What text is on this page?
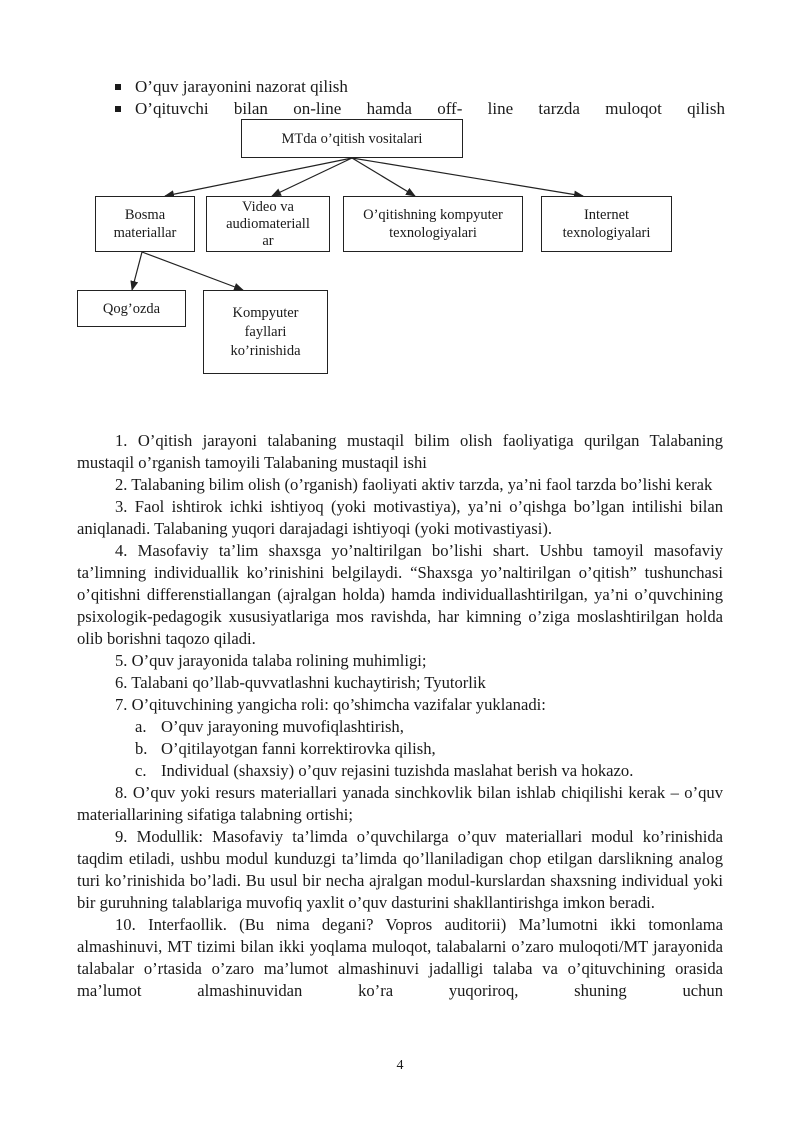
O’quv jarayonini nazorat qilish
O’qituvchi bilan on-line hamda off- line tarzda muloqot qilish
MTda o’qitish vositalari
Bosma
materiallar
Video va
audiomateriall
ar
O’qitishning kompyuter
texnologiyalari
Internet
texnologiyalari
Qog’ozda	Kompyuter
fayllari
ko’rinishida

1. O’qitish jarayoni talabaning mustaqil bilim olish faoliyatiga qurilgan Talabaning mustaqil o’rganish tamoyili Talabaning mustaqil ishi

2. Talabaning bilim olish (o’rganish) faoliyati aktiv tarzda, ya’ni faol tarzda bo’lishi kerak

3. Faol ishtirok ichki ishtiyoq (yoki motivastiya), ya’ni o’qishga bo’lgan intilishi bilan aniqlanadi. Talabaning yuqori darajadagi ishtiyoqi (yoki motivastiyasi).

4. Masofaviy ta’lim shaxsga yo’naltirilgan bo’lishi shart. Ushbu tamoyil masofaviy ta’limning individuallik ko’rinishini belgilaydi. “Shaxsga yo’naltirilgan o’qitish” tushunchasi o’qitishni differenstiallangan (ajralgan holda) hamda individuallashtirilgan, ya’ni o’quvchining psixologik-pedagogik xususiyatlariga mos ravishda, har kimning o’ziga moslashtirilgan holda olib borishni taqozo qiladi.

5. O’quv jarayonida talaba rolining muhimligi;

6. Talabani qo’llab-quvvatlashni kuchaytirish; Tyutorlik

7. O’qituvchining yangicha roli: qo’shimcha vazifalar yuklanadi:

a. O’quv jarayoning muvofiqlashtirish,
b. O’qitilayotgan fanni korrektirovka qilish,
c. Individual (shaxsiy) o’quv rejasini tuzishda maslahat berish va hokazo.

8. O’quv yoki resurs materiallari yanada sinchkovlik bilan ishlab chiqilishi kerak – o’quv materiallarining sifatiga talabning ortishi;

9. Modullik: Masofaviy ta’limda o’quvchilarga o’quv materiallari modul ko’rinishida taqdim etiladi, ushbu modul kunduzgi ta’limda qo’llaniladigan chop etilgan darslikning analog turi ko’rinishida bo’ladi. Bu usul bir necha ajralgan modul-kurslardan shaxsning individual yoki bir guruhning talablariga muvofiq yaxlit o’quv dasturini shakllantirishga imkon beradi.

10. Interfaollik. (Bu nima degani? Vopros auditorii) Ma’lumotni ikki tomonlama almashinuvi, MT tizimi bilan ikki yoqlama muloqot, talabalarni o’zaro muloqoti/MT jarayonida talabalar o’rtasida o’zaro ma’lumot almashinuvi jadalligi talaba va o’qituvchining orasida ma’lumot almashinuvidan ko’ra yuqoriroq, shuning uchun

4
